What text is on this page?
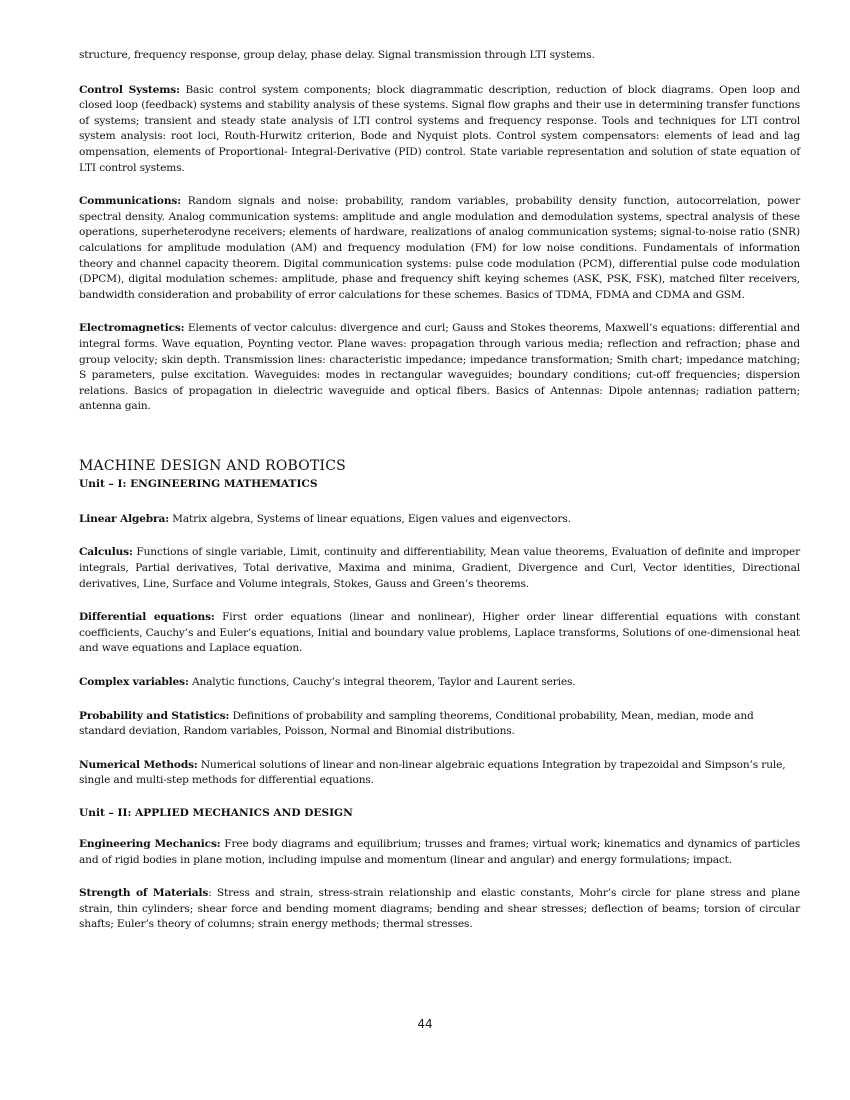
structure, frequency response, group delay, phase delay. Signal transmission through LTI systems.

Control Systems: Basic control system components; block diagrammatic description, reduction of block diagrams. Open loop and closed loop (feedback) systems and stability analysis of these systems. Signal flow graphs and their use in determining transfer functions of systems; transient and steady state analysis of LTI control systems and frequency response. Tools and techniques for LTI control system analysis: root loci, Routh-Hurwitz criterion, Bode and Nyquist plots. Control system compensators: elements of lead and lag ompensation, elements of Proportional- Integral-Derivative (PID) control. State variable representation and solution of state equation of LTI control systems.

Communications: Random signals and noise: probability, random variables, probability density function, autocorrelation, power spectral density. Analog communication systems: amplitude and angle modulation and demodulation systems, spectral analysis of these operations, superheterodyne receivers; elements of hardware, realizations of analog communication systems; signal-to-noise ratio (SNR) calculations for amplitude modulation (AM) and frequency modulation (FM) for low noise conditions. Fundamentals of information theory and channel capacity theorem. Digital communication systems: pulse code modulation (PCM), differential pulse code modulation (DPCM), digital modulation schemes: amplitude, phase and frequency shift keying schemes (ASK, PSK, FSK), matched filter receivers, bandwidth consideration and probability of error calculations for these schemes. Basics of TDMA, FDMA and CDMA and GSM.

Electromagnetics: Elements of vector calculus: divergence and curl; Gauss and Stokes theorems, Maxwell’s equations: differential and integral forms. Wave equation, Poynting vector. Plane waves: propagation through various media; reflection and refraction; phase and group velocity; skin depth. Transmission lines: characteristic impedance; impedance transformation; Smith chart; impedance matching; S parameters, pulse excitation. Waveguides: modes in rectangular waveguides; boundary conditions; cut-off frequencies; dispersion relations. Basics of propagation in dielectric waveguide and optical fibers. Basics of Antennas: Dipole antennas; radiation pattern; antenna gain.

MACHINE DESIGN AND ROBOTICS
Unit – I: ENGINEERING MATHEMATICS

Linear Algebra: Matrix algebra, Systems of linear equations, Eigen values and eigenvectors.

Calculus: Functions of single variable, Limit, continuity and differentiability, Mean value theorems, Evaluation of definite and improper integrals, Partial derivatives, Total derivative, Maxima and minima, Gradient, Divergence and Curl, Vector identities, Directional derivatives, Line, Surface and Volume integrals, Stokes, Gauss and Green’s theorems.

Differential equations: First order equations (linear and nonlinear), Higher order linear differential equations with constant coefficients, Cauchy’s and Euler’s equations, Initial and boundary value problems, Laplace transforms, Solutions of one-dimensional heat and wave equations and Laplace equation.

Complex variables: Analytic functions, Cauchy’s integral theorem, Taylor and Laurent series.

Probability and Statistics: Definitions of probability and sampling theorems, Conditional probability, Mean, median, mode and standard deviation, Random variables, Poisson, Normal and Binomial distributions.

Numerical Methods: Numerical solutions of linear and non-linear algebraic equations Integration by trapezoidal and Simpson’s rule, single and multi-step methods for differential equations.

Unit – II: APPLIED MECHANICS AND DESIGN

Engineering Mechanics: Free body diagrams and equilibrium; trusses and frames; virtual work; kinematics and dynamics of particles and of rigid bodies in plane motion, including impulse and momentum (linear and angular) and energy formulations; impact.

Strength of Materials: Stress and strain, stress-strain relationship and elastic constants, Mohr’s circle for plane stress and plane strain, thin cylinders; shear force and bending moment diagrams; bending and shear stresses; deflection of beams; torsion of circular shafts; Euler’s theory of columns; strain energy methods; thermal stresses.

44
